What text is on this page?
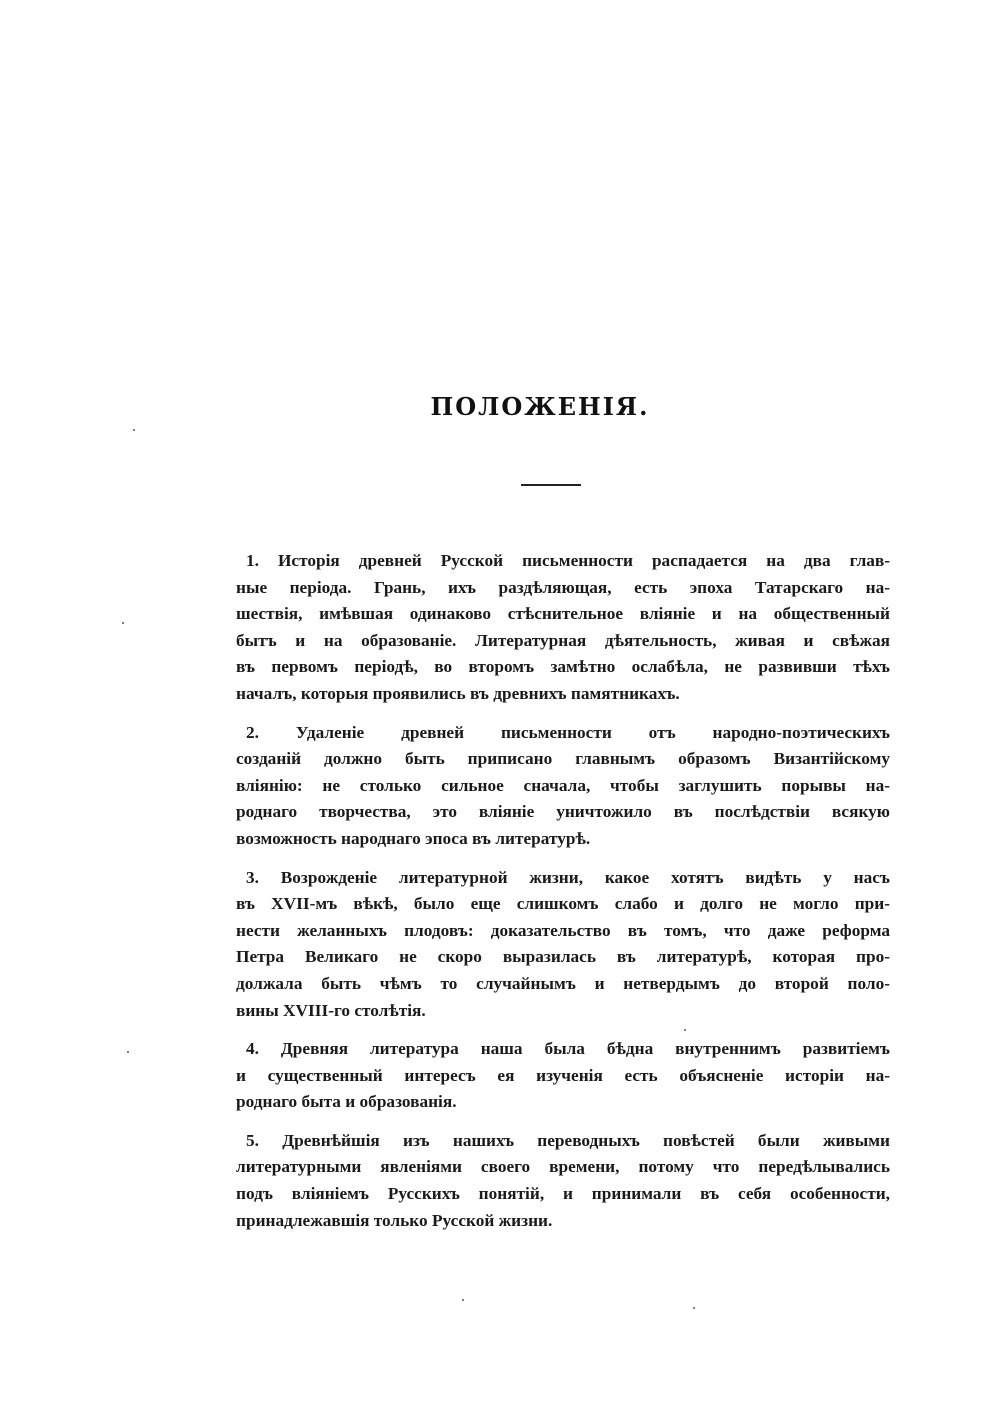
ПОЛОЖЕНІЯ.

1. Исторія древней Русской письменности распадается на два глав-
ные періода. Грань, ихъ раздѣляющая, есть эпоха Татарскаго на-
шествія, имѣвшая одинаково стѣснительное вліяніе и на общественный
бытъ и на образованіе. Литературная дѣятельность, живая и свѣжая
въ первомъ періодѣ, во второмъ замѣтно ослабѣла, не развивши тѣхъ
началъ, которыя проявились въ древнихъ памятникахъ.

2. Удаленіе древней письменности отъ народно-поэтическихъ
созданій должно быть приписано главнымъ образомъ Византійскому
вліянію: не столько сильное сначала, чтобы заглушить порывы на-
роднаго творчества, это вліяніе уничтожило въ послѣдствіи всякую
возможность народнаго эпоса въ литературѣ.

3. Возрожденіе литературной жизни, какое хотятъ видѣть у насъ
въ XVII-мъ вѣкѣ, было еще слишкомъ слабо и долго не могло при-
нести желанныхъ плодовъ: доказательство въ томъ, что даже реформа
Петра Великаго не скоро выразилась въ литературѣ, которая про-
должала быть чѣмъ то случайнымъ и нетвердымъ до второй поло-
вины XVIII-го столѣтія.

4. Древняя литература наша была бѣдна внутреннимъ развитіемъ
и существенный интересъ ея изученія есть объясненіе исторіи на-
роднаго быта и образованія.

5. Древнѣйшія изъ нашихъ переводныхъ повѣстей были живыми
литературными явленіями своего времени, потому что передѣлывались
подъ вліяніемъ Русскихъ понятій, и принимали въ себя особенности,
принадлежавшія только Русской жизни.
